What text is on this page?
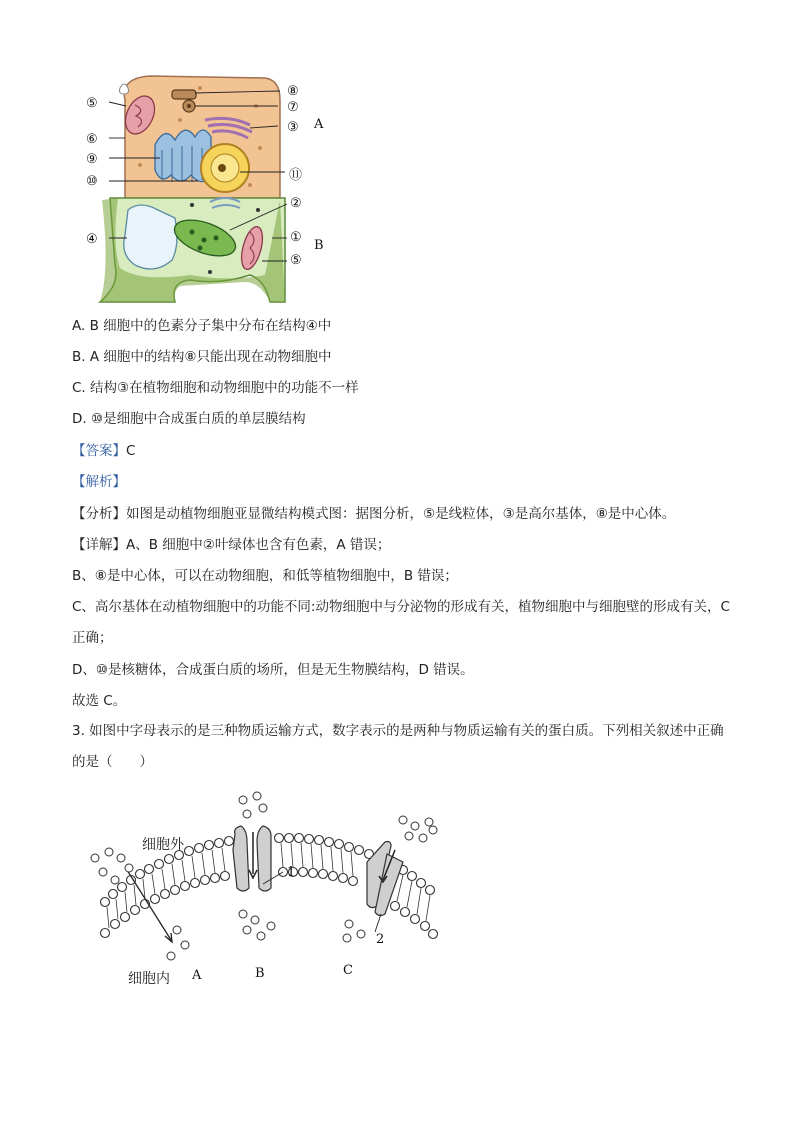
⑤
⑧
⑦
③ A
⑥
⑨
⑪
⑩
②
④	①
B
⑤
A. B 细胞中的色素分子集中分布在结构④中
B. A 细胞中的结构⑧只能出现在动物细胞中
C. 结构③在植物细胞和动物细胞中的功能不一样
D. ⑩是细胞中合成蛋白质的单层膜结构
【答案】C
【解析】
【分析】如图是动植物细胞亚显微结构模式图：据图分析，⑤是线粒体，③是高尔基体，⑧是中心体。
【详解】A、B 细胞中②叶绿体也含有色素，A 错误；
B、⑧是中心体，可以在动物细胞，和低等植物细胞中，B 错误；
C、高尔基体在动植物细胞中的功能不同:动物细胞中与分泌物的形成有关，植物细胞中与细胞壁的形成有关，C 正确；
D、⑩是核糖体，合成蛋白质的场所，但是无生物膜结构，D 错误。
故选 C。
3. 如图中字母表示的是三种物质运输方式，数字表示的是两种与物质运输有关的蛋白质。下列相关叙述中正确的是（　　）
细胞外
细胞内 A	B	C
1
2
